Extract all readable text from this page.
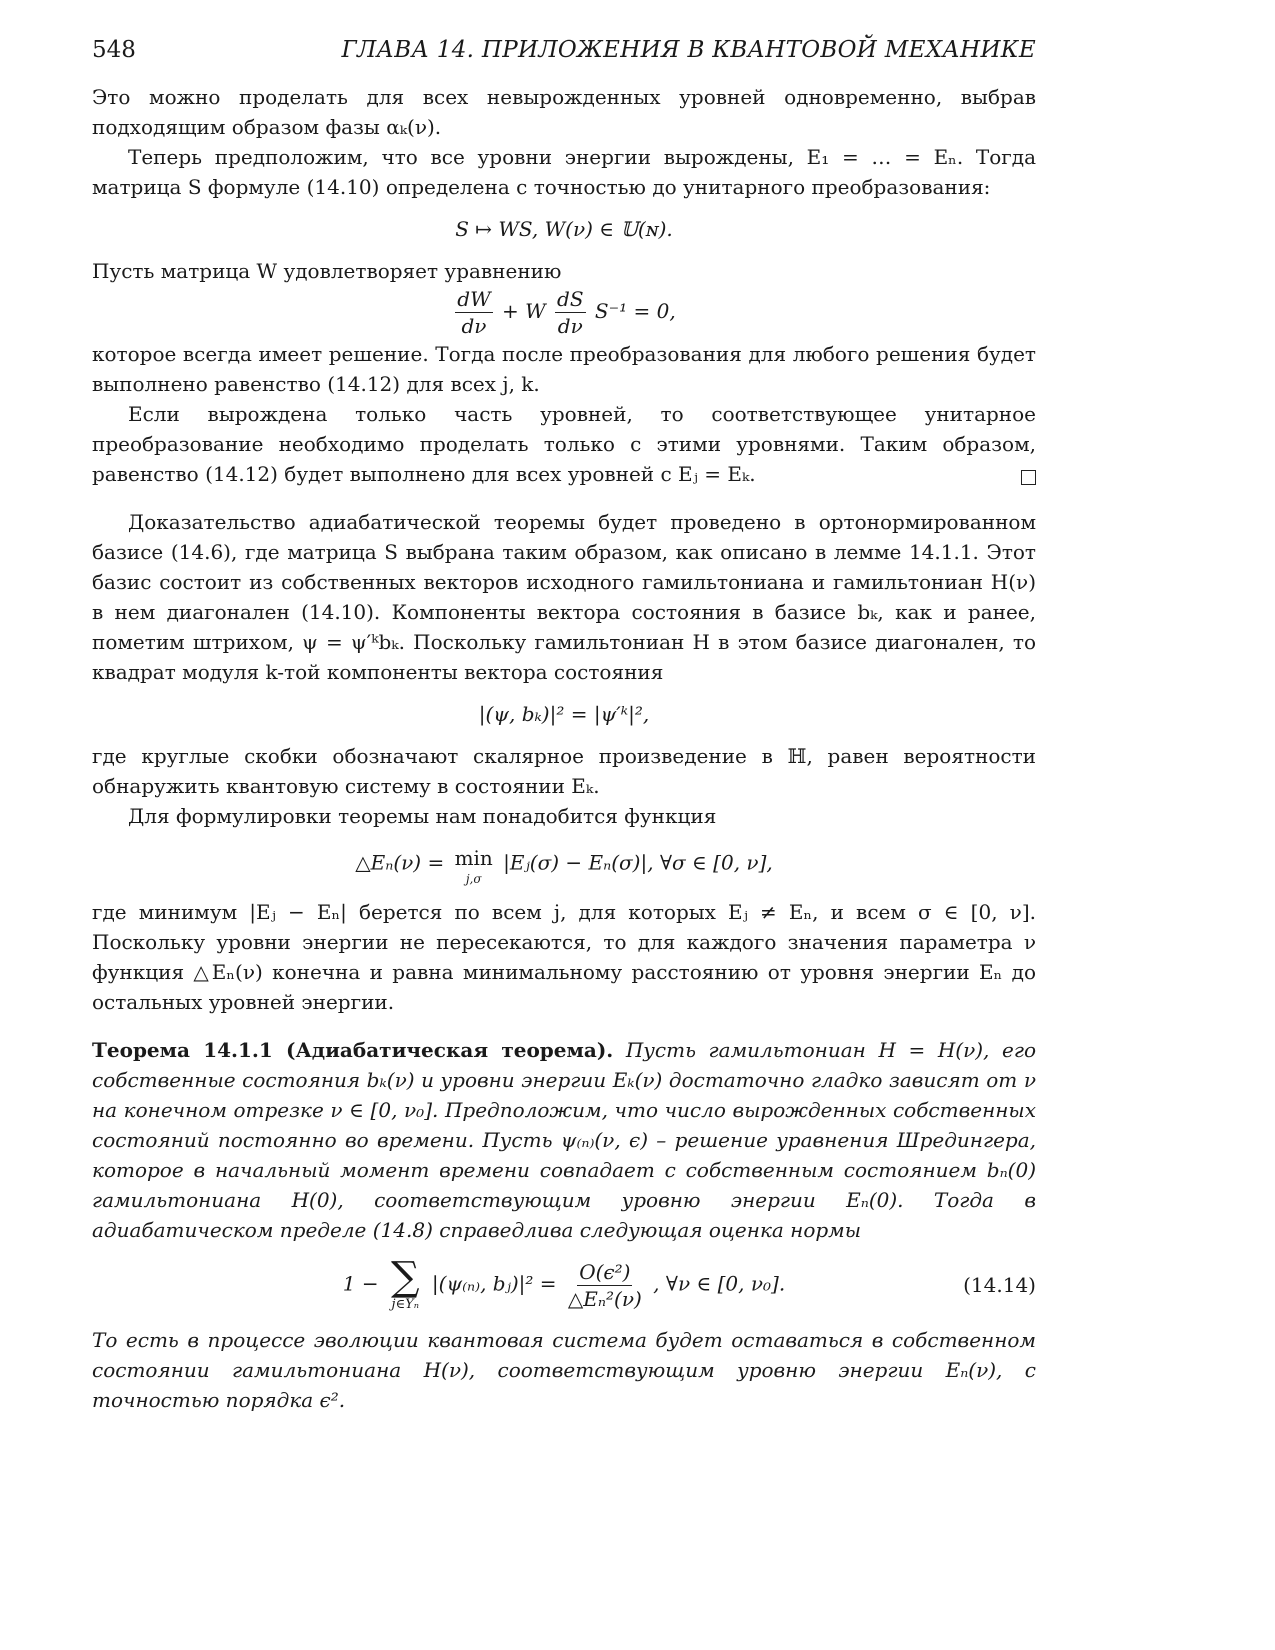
548	ГЛАВА 14. ПРИЛОЖЕНИЯ В КВАНТОВОЙ МЕХАНИКЕ

Это можно проделать для всех невырожденных уровней одновременно, выбрав подходящим образом фазы αₖ(ν).

Теперь предположим, что все уровни энергии вырождены, E₁ = … = Eₙ. Тогда матрица S формуле (14.10) определена с точностью до унитарного преобразования:

S ↦ WS, W(ν) ∈ 𝕌(ɴ).

Пусть матрица W удовлетворяет уравнению

$\frac{dW}{d\nu} + W \frac{dS}{d\nu} S^{-1} = 0$,

которое всегда имеет решение. Тогда после преобразования для любого решения будет выполнено равенство (14.12) для всех j, k.

Если вырождена только часть уровней, то соответствующее унитарное преобразование необходимо проделать только с этими уровнями. Таким образом, равенство (14.12) будет выполнено для всех уровней с Eⱼ = Eₖ.

Доказательство адиабатической теоремы будет проведено в ортонормированном базисе (14.6), где матрица S выбрана таким образом, как описано в лемме 14.1.1. Этот базис состоит из собственных векторов исходного гамильтониана и гамильтониан H(ν) в нем диагонален (14.10). Компоненты вектора состояния в базисе bₖ, как и ранее, пометим штрихом, ψ = ψ′ᵏbₖ. Поскольку гамильтониан H в этом базисе диагонален, то квадрат модуля k-той компоненты вектора состояния

|(ψ, bₖ)|² = |ψ′ᵏ|²,

где круглые скобки обозначают скалярное произведение в ℍ, равен вероятности обнаружить квантовую систему в состоянии Eₖ.

Для формулировки теоремы нам понадобится функция

△Eₙ(ν) = min
j,σ
|Eⱼ(σ) − Eₙ(σ)|, ∀σ ∈ [0, ν],

где минимум |Eⱼ − Eₙ| берется по всем j, для которых Eⱼ ≠ Eₙ, и всем σ ∈ [0, ν]. Поскольку уровни энергии не пересекаются, то для каждого значения параметра ν функция △Eₙ(ν) конечна и равна минимальному расстоянию от уровня энергии Eₙ до остальных уровней энергии.

Теорема 14.1.1 (Адиабатическая теорема). Пусть гамильтониан H = H(ν), его собственные состояния bₖ(ν) и уровни энергии Eₖ(ν) достаточно гладко зависят от ν на конечном отрезке ν ∈ [0, ν₀]. Предположим, что число вырожденных собственных состояний постоянно во времени. Пусть ψ₍ₙ₎(ν, ϵ) – решение уравнения Шредингера, которое в начальный момент времени совпадает с собственным состоянием bₙ(0) гамильтониана H(0), соответствующим уровню энергии Eₙ(0). Тогда в адиабатическом пределе (14.8) справедлива следующая оценка нормы

1 − ∑
j∈Υₙ
|(ψ₍ₙ₎, bⱼ)|² = $\frac{\text{O(ϵ²)}}{\text{△Eₙ²(ν)}}$ , ∀ν ∈ [0, ν₀].	(14.14)

То есть в процессе эволюции квантовая система будет оставаться в собственном состоянии гамильтониана H(ν), соответствующим уровню энергии Eₙ(ν), с точностью порядка ϵ².
